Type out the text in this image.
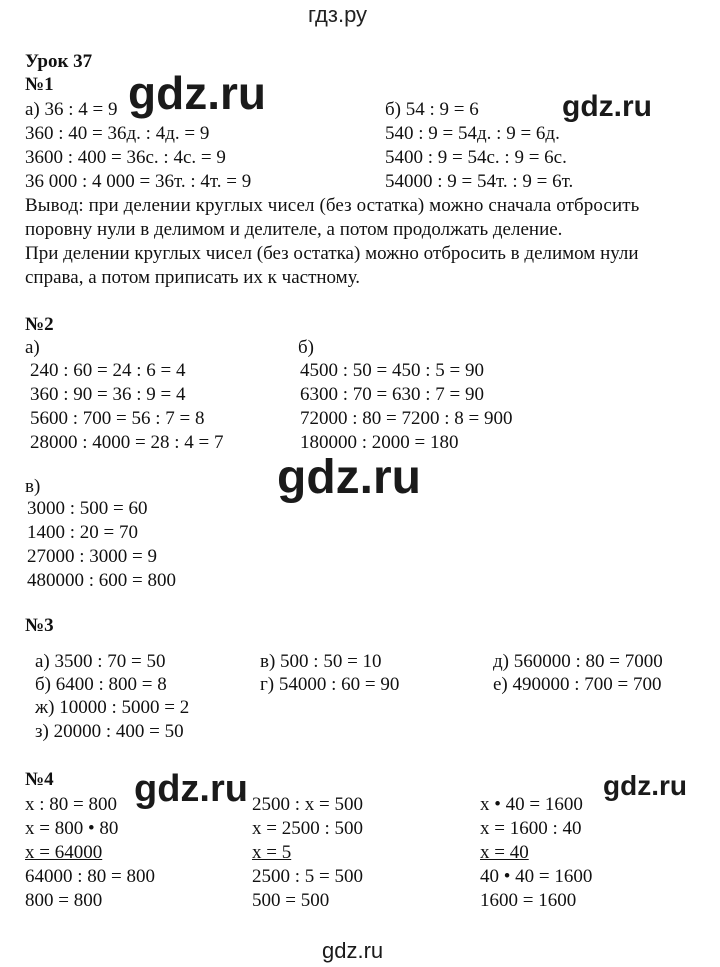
гдз.ру
gdz.ru	gdz.ru
gdz.ru
gdz.ru	gdz.ru
Урок 37
№1
а) 36 : 4 = 9
360 : 40 = 36д. : 4д. = 9
3600 : 400 = 36с. : 4с. = 9
36 000 : 4 000 = 36т. : 4т. = 9
б) 54 : 9 = 6
540 : 9 = 54д. : 9 = 6д.
5400 : 9 = 54с. : 9 = 6с.
54000 : 9 = 54т. : 9 = 6т.
Вывод: при делении круглых чисел (без остатка) можно сначала отбросить
поровну нули в делимом и делителе, а потом продолжать деление.
При делении круглых чисел (без остатка) можно отбросить в делимом нули
справа, а потом приписать их к частному.
№2
а)
240 : 60 = 24 : 6 = 4
360 : 90 = 36 : 9 = 4
5600 : 700 = 56 : 7 = 8
28000 : 4000 = 28 : 4 = 7
б)
4500 : 50 = 450 : 5 = 90
6300 : 70 = 630 : 7 = 90
72000 : 80 = 7200 : 8 = 900
180000 : 2000 = 180
в)
3000 : 500 = 60
1400 : 20 = 70
27000 : 3000 = 9
480000 : 600 = 800
№3
а) 3500 : 70 = 50
б) 6400 : 800 = 8
ж) 10000 : 5000 = 2
з) 20000 : 400 = 50
в) 500 : 50 = 10
г) 54000 : 60 = 90
д) 560000 : 80 = 7000
е) 490000 : 700 = 700
№4
x : 80 = 800
x = 800 • 80
x = 64000
64000 : 80 = 800
800 = 800
2500 : x = 500
x = 2500 : 500
x = 5
2500 : 5 = 500
500 = 500
x • 40 = 1600
x = 1600 : 40
x = 40
40 • 40 = 1600
1600 = 1600
gdz.ru
